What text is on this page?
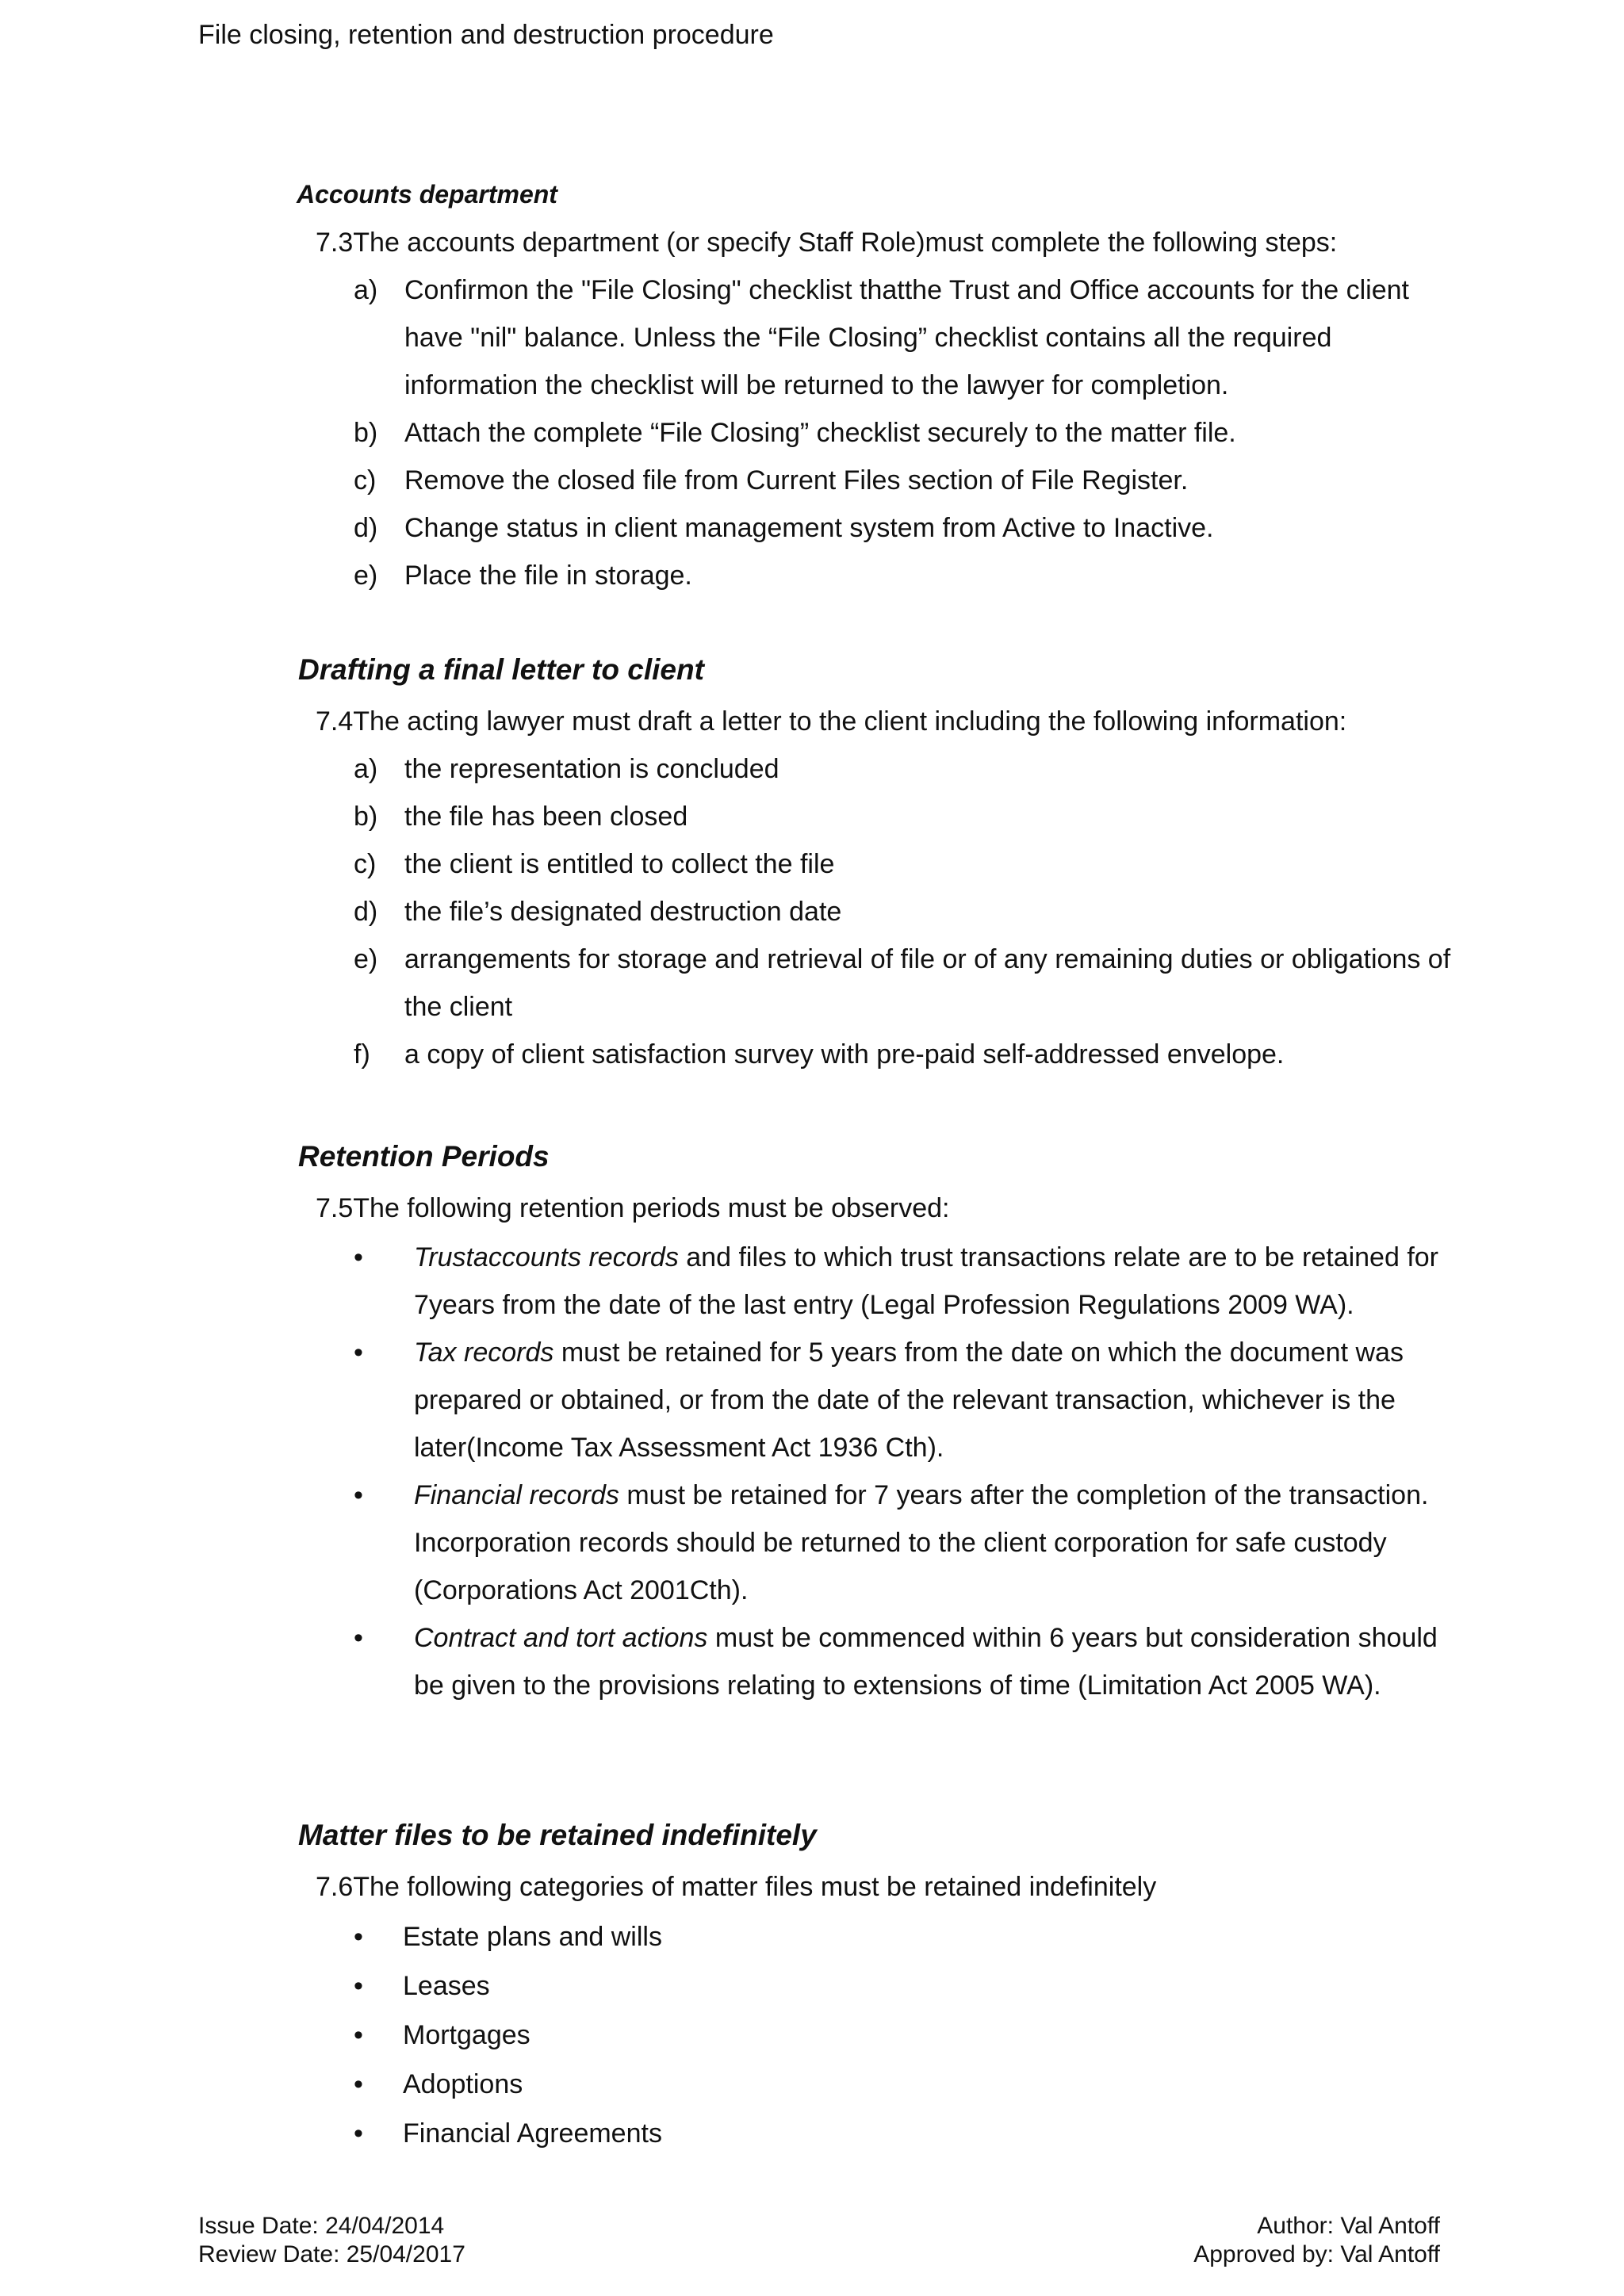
File closing, retention and destruction procedure
Accounts department
7.3The accounts department (or specify Staff Role)must complete the following steps:
a) Confirmon the "File Closing" checklist thatthe Trust and Office accounts for the client have "nil" balance. Unless the “File Closing” checklist contains all the required information the checklist will be returned to the lawyer for completion.
b) Attach the complete “File Closing” checklist securely to the matter file.
c) Remove the closed file from Current Files section of File Register.
d) Change status in client management system from Active to Inactive.
e) Place the file in storage.
Drafting a final letter to client
7.4The acting lawyer must draft a letter to the client including the following information:
a) the representation is concluded
b) the file has been closed
c) the client is entitled to collect the file
d) the file’s designated destruction date
e) arrangements for storage and retrieval of file or of any remaining duties or obligations of the client
f) a copy of client satisfaction survey with pre-paid self-addressed envelope.
Retention Periods
7.5The following retention periods must be observed:
• Trustaccounts records and files to which trust transactions relate are to be retained for 7years from the date of the last entry (Legal Profession Regulations 2009 WA).
• Tax records must be retained for 5 years from the date on which the document was prepared or obtained, or from the date of the relevant transaction, whichever is the later(Income Tax Assessment Act 1936 Cth).
• Financial records must be retained for 7 years after the completion of the transaction. Incorporation records should be returned to the client corporation for safe custody (Corporations Act 2001Cth).
• Contract and tort actions must be commenced within 6 years but consideration should be given to the provisions relating to extensions of time (Limitation Act 2005 WA).
Matter files to be retained indefinitely
7.6The following categories of matter files must be retained indefinitely
• Estate plans and wills
• Leases
• Mortgages
• Adoptions
• Financial Agreements
Issue Date: 24/04/2014
Review Date: 25/04/2017
Author: Val Antoff
Approved by: Val Antoff
